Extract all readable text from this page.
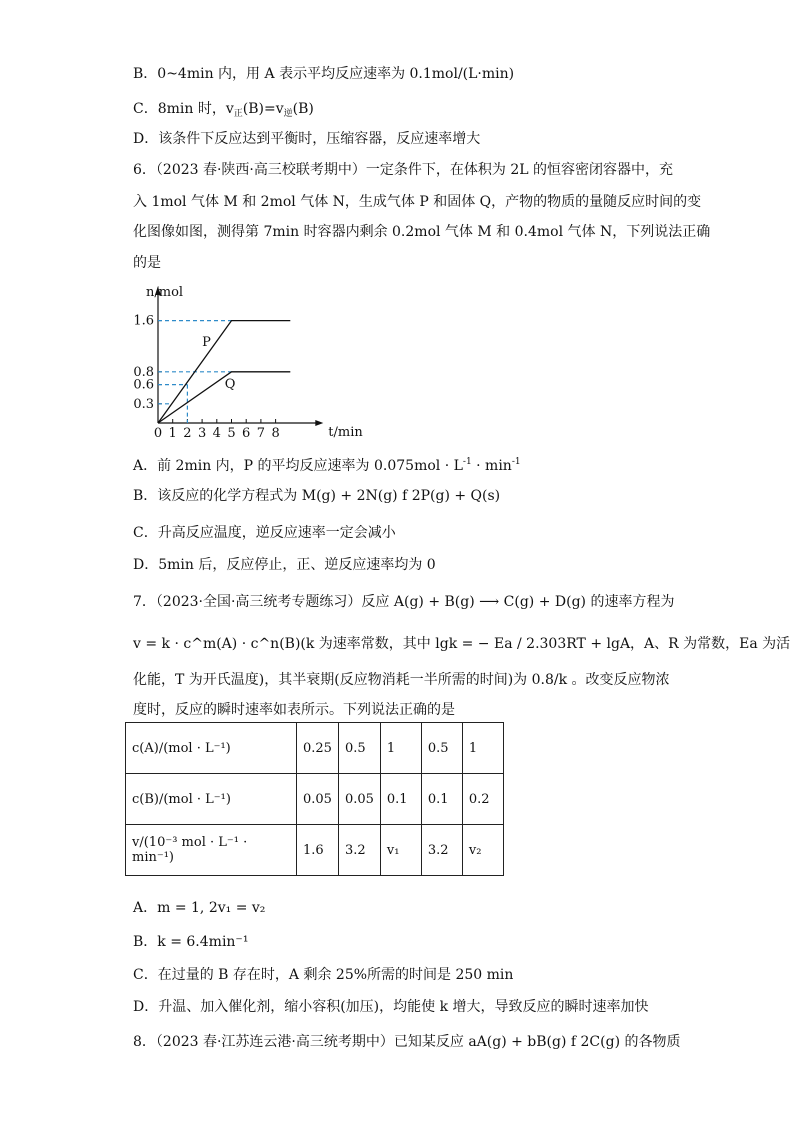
B．0~4min 内，用 A 表示平均反应速率为 0.1mol/(L·min)
C．8min 时，$v_正(B)=v_逆(B)$
D．该条件下反应达到平衡时，压缩容器，反应速率增大
6．（2023 春·陕西·高三校联考期中）一定条件下，在体积为 2L 的恒容密闭容器中，充
入 1mol 气体 M 和 2mol 气体 N，生成气体 P 和固体 Q，产物的物质的量随反应时间的变
化图像如图，测得第 7min 时容器内剩余 0.2mol 气体 M 和 0.4mol 气体 N，下列说法正确
的是
n/mol
t/min
0 1 2 3 4 5 6 7 8
0.3
0.6
0.8
1.6
P
Q
A．前 2min 内，P 的平均反应速率为 $0.075mol \cdot L^{-1} \cdot \min^{-1}$
B．该反应的化学方程式为 M(g) + 2N(g) f 2P(g) + Q(s)
C．升高反应温度，逆反应速率一定会减小
D．5min 后，反应停止，正、逆反应速率均为 0
7．（2023·全国·高三统考专题练习）反应 A(g) + B(g) ⟶ C(g) + D(g) 的速率方程为
v = k · c^m(A) · c^n(B)(k 为速率常数，其中 lgk = − Ea / 2.303RT + lgA，A、R 为常数，Ea 为活
化能，T 为开氏温度)，其半衰期(反应物消耗一半所需的时间)为 0.8/k 。改变反应物浓
度时，反应的瞬时速率如表所示。下列说法正确的是
c(A)/(mol · L⁻¹)	0.25	0.5	1	0.5	1
c(B)/(mol · L⁻¹)	0.05	0.05	0.1	0.1	0.2
v/(10⁻³ mol · L⁻¹ · min⁻¹)	1.6	3.2	v₁	3.2	v₂
A．m = 1, 2v₁ = v₂
B．k = 6.4min⁻¹
C．在过量的 B 存在时，A 剩余 25%所需的时间是 250 min
D．升温、加入催化剂，缩小容积(加压)，均能使 k 增大，导致反应的瞬时速率加快
8．（2023 春·江苏连云港·高三统考期中）已知某反应 aA(g) + bB(g) f 2C(g) 的各物质
